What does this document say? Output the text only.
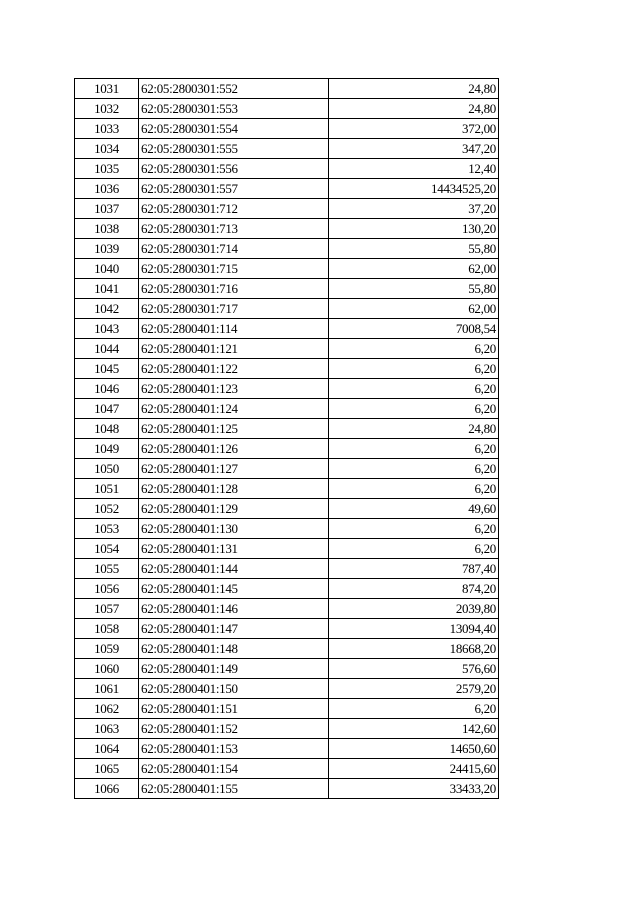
1031	62:05:2800301:552	24,80
1032	62:05:2800301:553	24,80
1033	62:05:2800301:554	372,00
1034	62:05:2800301:555	347,20
1035	62:05:2800301:556	12,40
1036	62:05:2800301:557	14434525,20
1037	62:05:2800301:712	37,20
1038	62:05:2800301:713	130,20
1039	62:05:2800301:714	55,80
1040	62:05:2800301:715	62,00
1041	62:05:2800301:716	55,80
1042	62:05:2800301:717	62,00
1043	62:05:2800401:114	7008,54
1044	62:05:2800401:121	6,20
1045	62:05:2800401:122	6,20
1046	62:05:2800401:123	6,20
1047	62:05:2800401:124	6,20
1048	62:05:2800401:125	24,80
1049	62:05:2800401:126	6,20
1050	62:05:2800401:127	6,20
1051	62:05:2800401:128	6,20
1052	62:05:2800401:129	49,60
1053	62:05:2800401:130	6,20
1054	62:05:2800401:131	6,20
1055	62:05:2800401:144	787,40
1056	62:05:2800401:145	874,20
1057	62:05:2800401:146	2039,80
1058	62:05:2800401:147	13094,40
1059	62:05:2800401:148	18668,20
1060	62:05:2800401:149	576,60
1061	62:05:2800401:150	2579,20
1062	62:05:2800401:151	6,20
1063	62:05:2800401:152	142,60
1064	62:05:2800401:153	14650,60
1065	62:05:2800401:154	24415,60
1066	62:05:2800401:155	33433,20
